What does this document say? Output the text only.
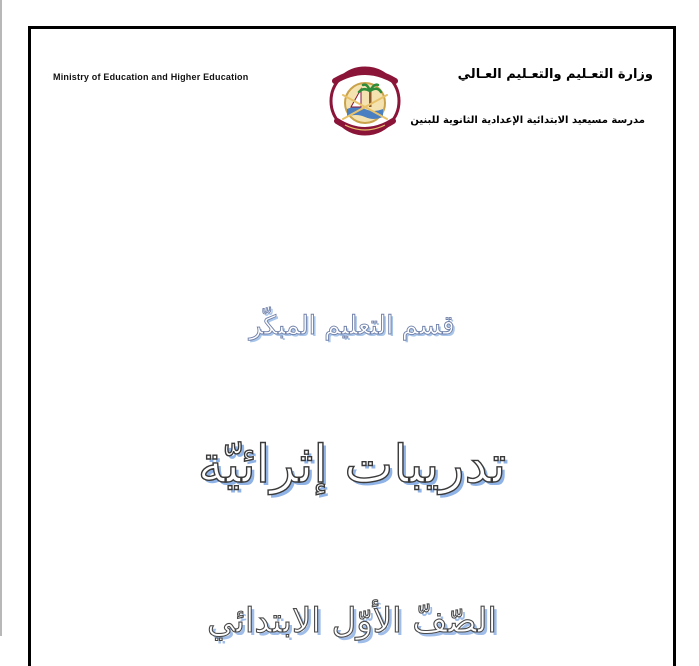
Ministry of Education and Higher Education	وزارة التعـليم والتعـليم العـالي
مدرسة مسيعيد الابتدائية الإعدادية الثانوية للبنين
قسم التعليم المبكّر
تدريبات إثرائيّة
الصّفّ الأوّل الابتدائي
